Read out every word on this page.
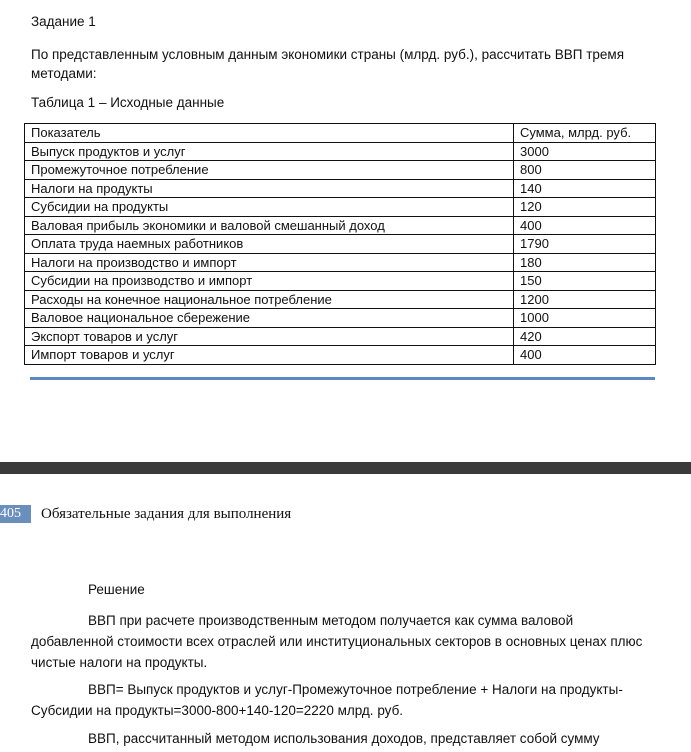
Задание 1
По представленным условным данным экономики страны (млрд. руб.), рассчитать ВВП тремя методами:
Таблица 1 – Исходные данные
Показатель	Сумма, млрд. руб.
Выпуск продуктов и услуг	3000
Промежуточное потребление	800
Налоги на продукты	140
Субсидии на продукты	120
Валовая прибыль экономики и валовой смешанный доход	400
Оплата труда наемных работников	1790
Налоги на производство и импорт	180
Субсидии на производство и импорт	150
Расходы на конечное национальное потребление	1200
Валовое национальное сбережение	1000
Экспорт товаров и услуг	420
Импорт товаров и услуг	400
405	Обязательные задания для выполнения
Решение
ВВП при расчете производственным методом получается как сумма валовой добавленной стоимости всех отраслей или институциональных секторов в основных ценах плюс чистые налоги на продукты.
ВВП= Выпуск продуктов и услуг-Промежуточное потребление + Налоги на продукты-Субсидии на продукты=3000-800+140-120=2220 млрд. руб.
ВВП, рассчитанный методом использования доходов, представляет собой сумму
